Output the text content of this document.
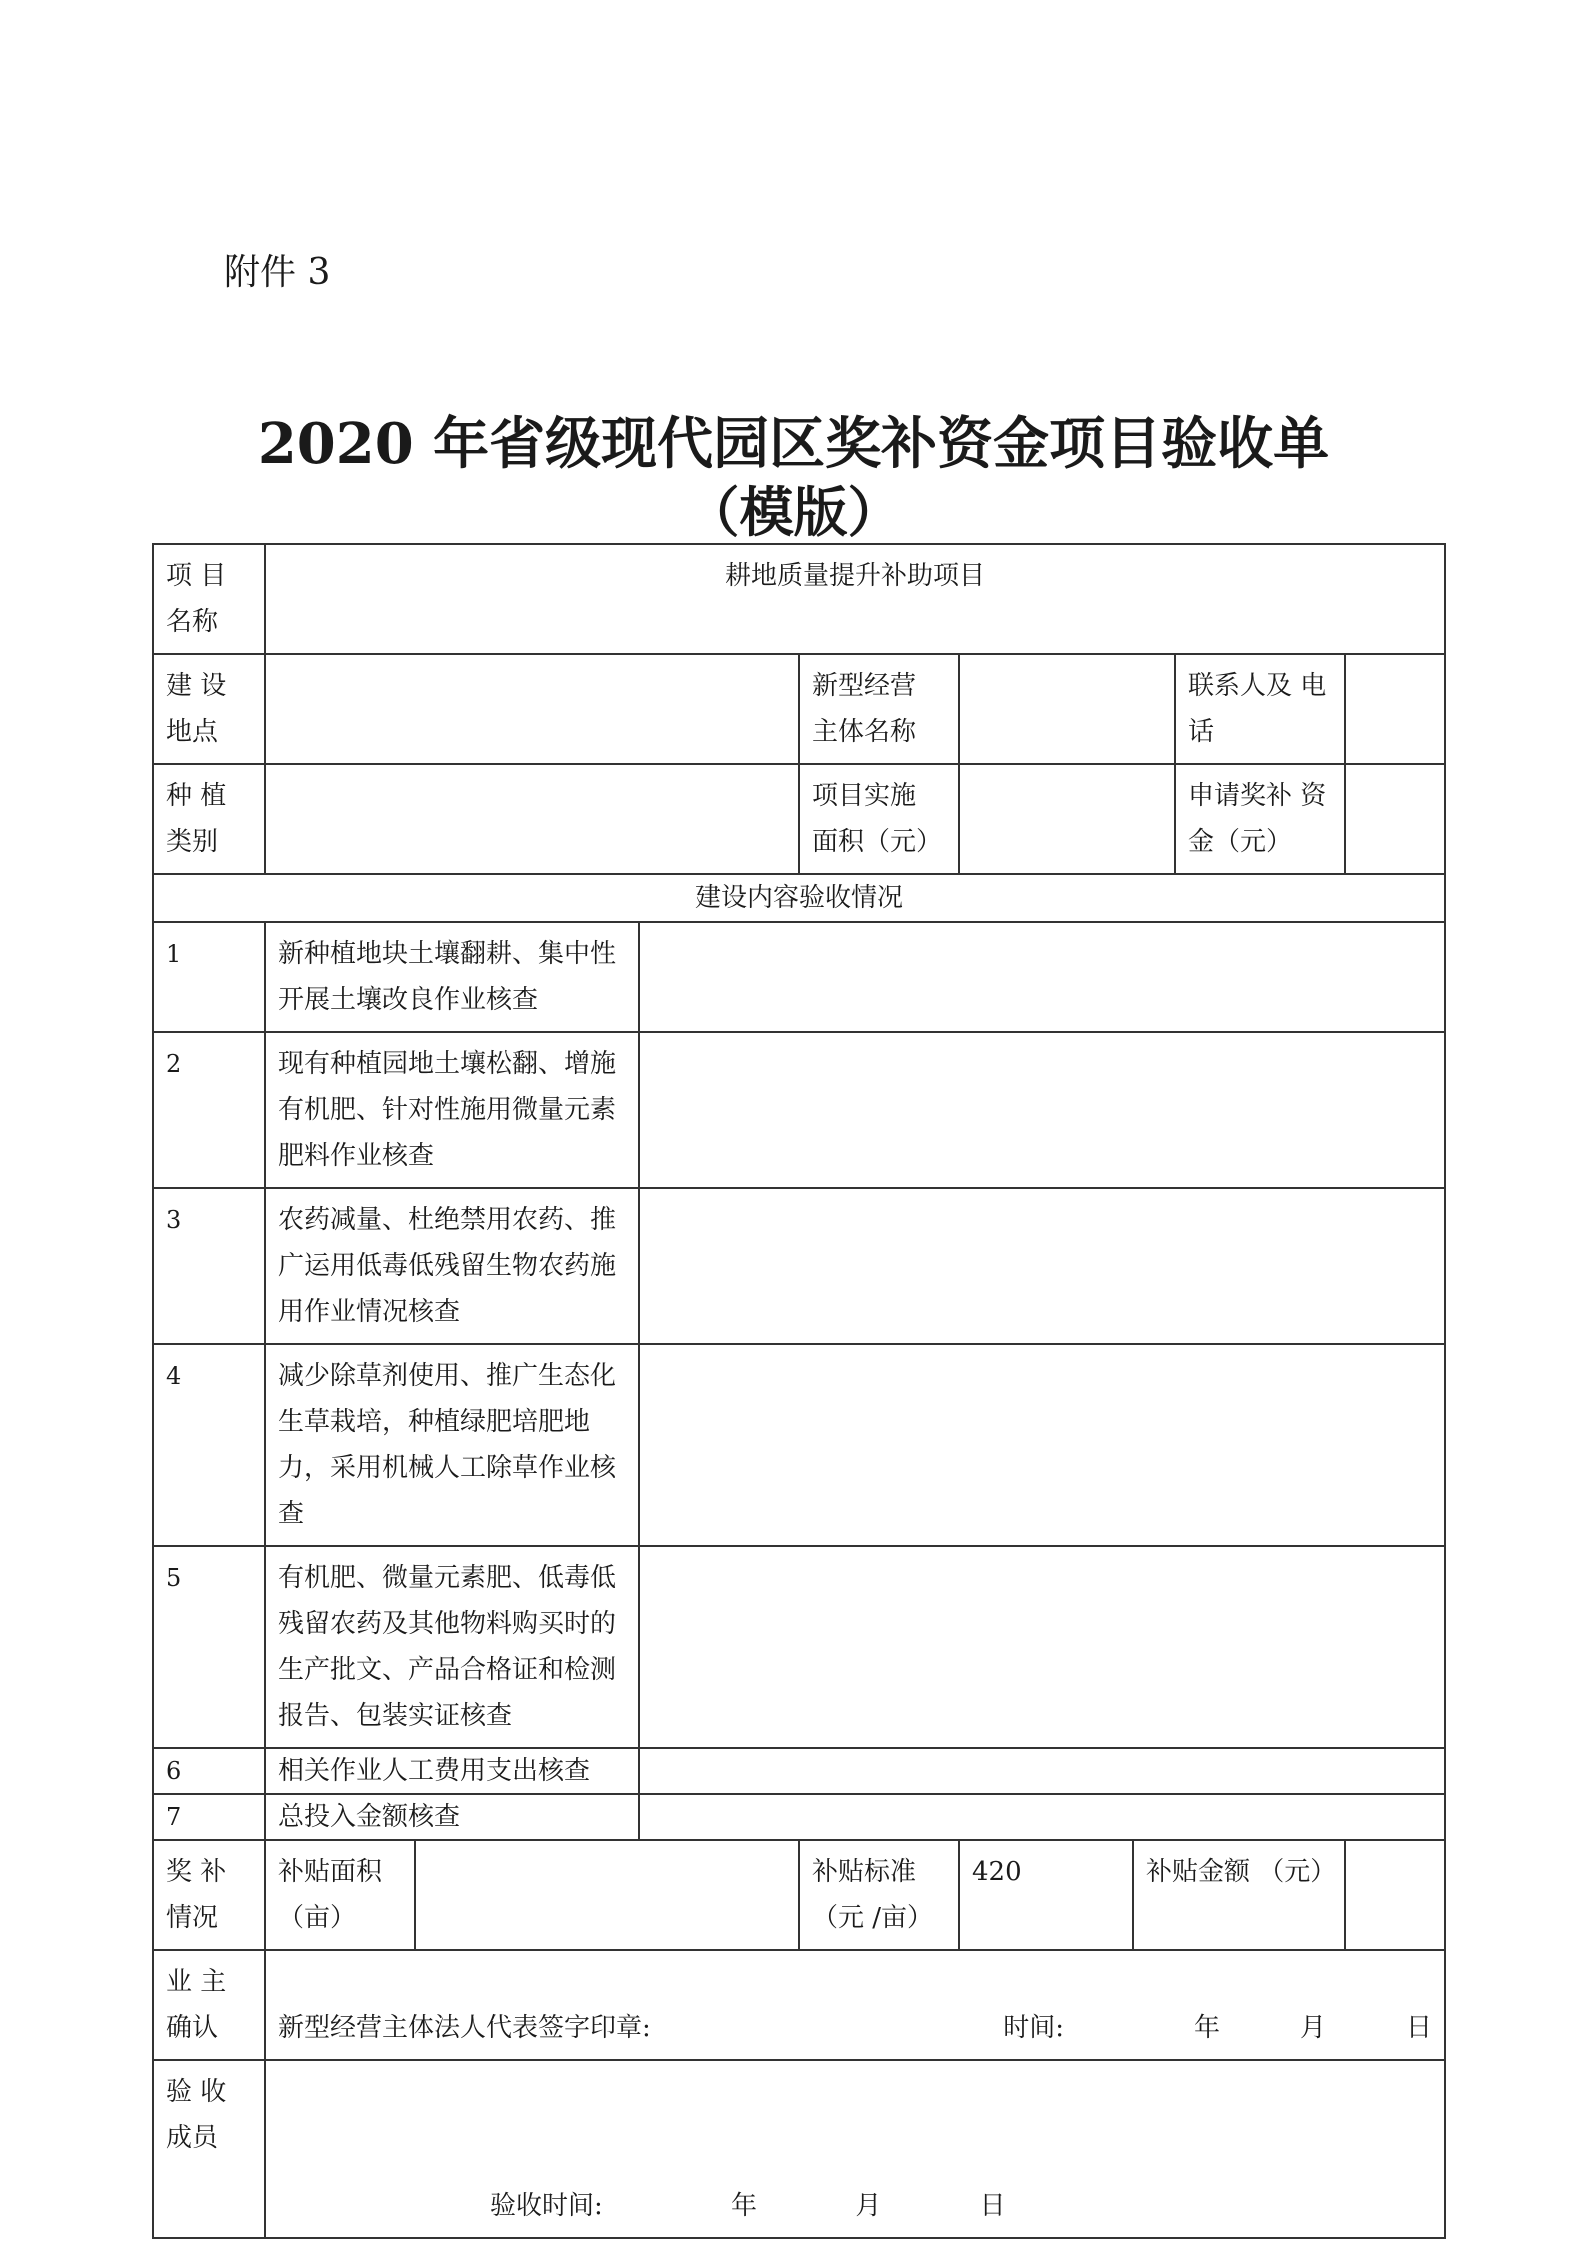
附件 3
2020 年省级现代园区奖补资金项目验收单
（模版）
项 目 名称	耕地质量提升补助项目							
建 设 地点				新型经营 主体名称			联系人及 电话	
种 植 类别				项目实施 面积（元）			申请奖补 资金（元）	
建设内容验收情况								
1	新种植地块土壤翻耕、集中性开展土壤改良作业核查							
2	现有种植园地土壤松翻、增施有机肥、针对性施用微量元素肥料作业核查							
3	农药减量、杜绝禁用农药、推广运用低毒低残留生物农药施用作业情况核查							
4	减少除草剂使用、推广生态化生草栽培，种植绿肥培肥地力，采用机械人工除草作业核查							
5	有机肥、微量元素肥、低毒低残留农药及其他物料购买时的生产批文、产品合格证和检测报告、包装实证核查							
6	相关作业人工费用支出核查							
7	总投入金额核查							
奖 补 情况	补贴面积 （亩）			补贴标准（元 /亩）	420	补贴金额 （元）		
业 主 确认	新型经营主体法人代表签字印章: 时间: 年 月 日							

验 收 成员	验收时间: 年 月 日							
